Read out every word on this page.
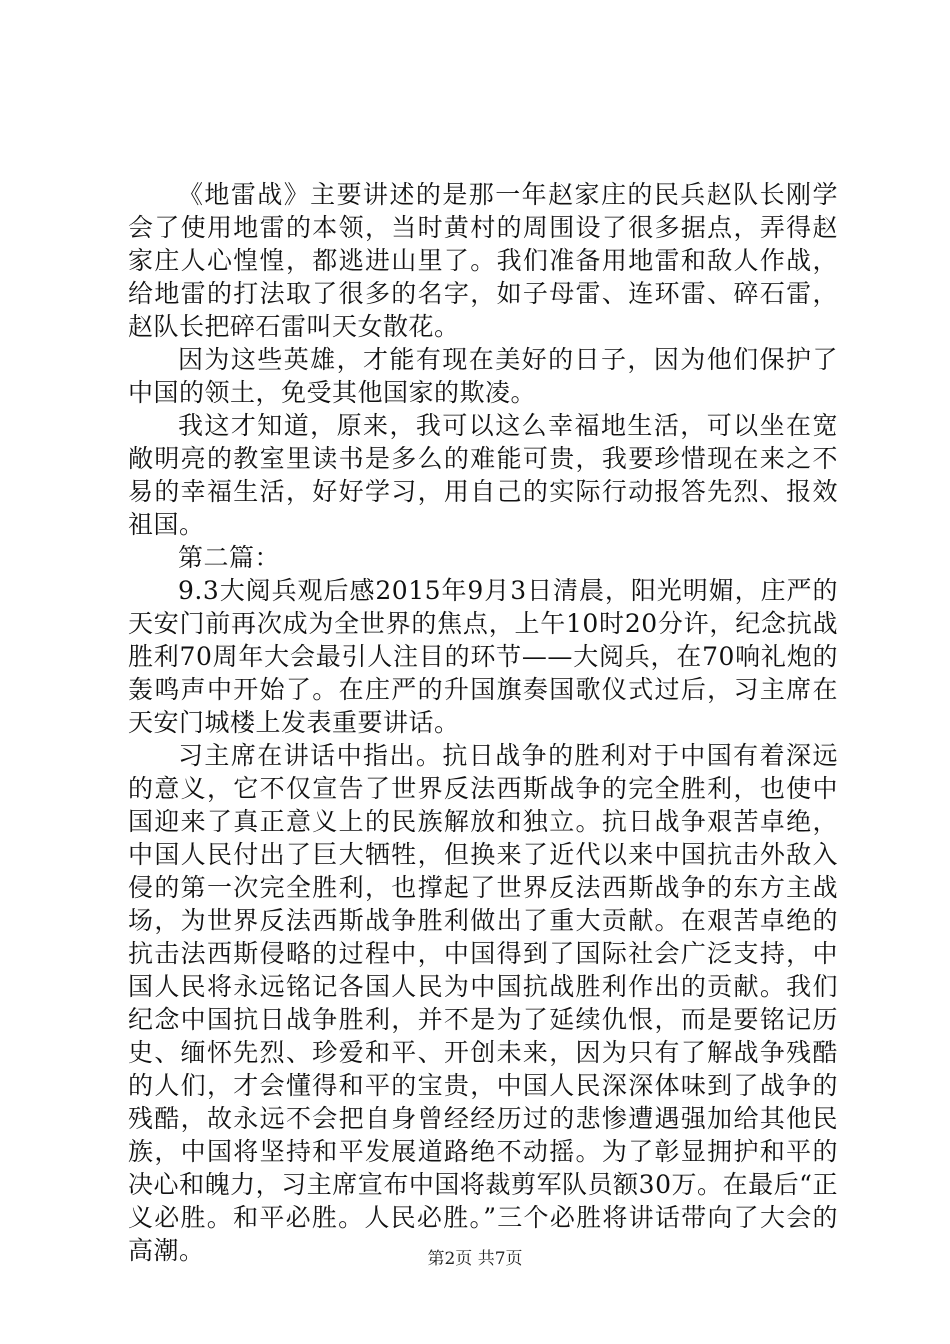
《地雷战》主要讲述的是那一年赵家庄的民兵赵队长刚学会了使用地雷的本领，当时黄村的周围设了很多据点，弄得赵家庄人心惶惶，都逃进山里了。我们准备用地雷和敌人作战，给地雷的打法取了很多的名字，如子母雷、连环雷、碎石雷，赵队长把碎石雷叫天女散花。

因为这些英雄，才能有现在美好的日子，因为他们保护了中国的领土，免受其他国家的欺凌。

我这才知道，原来，我可以这么幸福地生活，可以坐在宽敞明亮的教室里读书是多么的难能可贵，我要珍惜现在来之不易的幸福生活，好好学习，用自己的实际行动报答先烈、报效祖国。

第二篇：

9.3大阅兵观后感2015年9月3日清晨，阳光明媚，庄严的天安门前再次成为全世界的焦点，上午10时20分许，纪念抗战胜利70周年大会最引人注目的环节——大阅兵，在70响礼炮的轰鸣声中开始了。在庄严的升国旗奏国歌仪式过后，习主席在天安门城楼上发表重要讲话。

习主席在讲话中指出。抗日战争的胜利对于中国有着深远的意义，它不仅宣告了世界反法西斯战争的完全胜利，也使中国迎来了真正意义上的民族解放和独立。抗日战争艰苦卓绝，中国人民付出了巨大牺牲，但换来了近代以来中国抗击外敌入侵的第一次完全胜利，也撑起了世界反法西斯战争的东方主战场，为世界反法西斯战争胜利做出了重大贡献。在艰苦卓绝的抗击法西斯侵略的过程中，中国得到了国际社会广泛支持，中国人民将永远铭记各国人民为中国抗战胜利作出的贡献。我们纪念中国抗日战争胜利，并不是为了延续仇恨，而是要铭记历史、缅怀先烈、珍爱和平、开创未来，因为只有了解战争残酷的人们，才会懂得和平的宝贵，中国人民深深体味到了战争的残酷，故永远不会把自身曾经经历过的悲惨遭遇强加给其他民族，中国将坚持和平发展道路绝不动摇。为了彰显拥护和平的决心和魄力，习主席宣布中国将裁剪军队员额30万。在最后“正义必胜。和平必胜。人民必胜。”三个必胜将讲话带向了大会的高潮。	第2页 共7页
